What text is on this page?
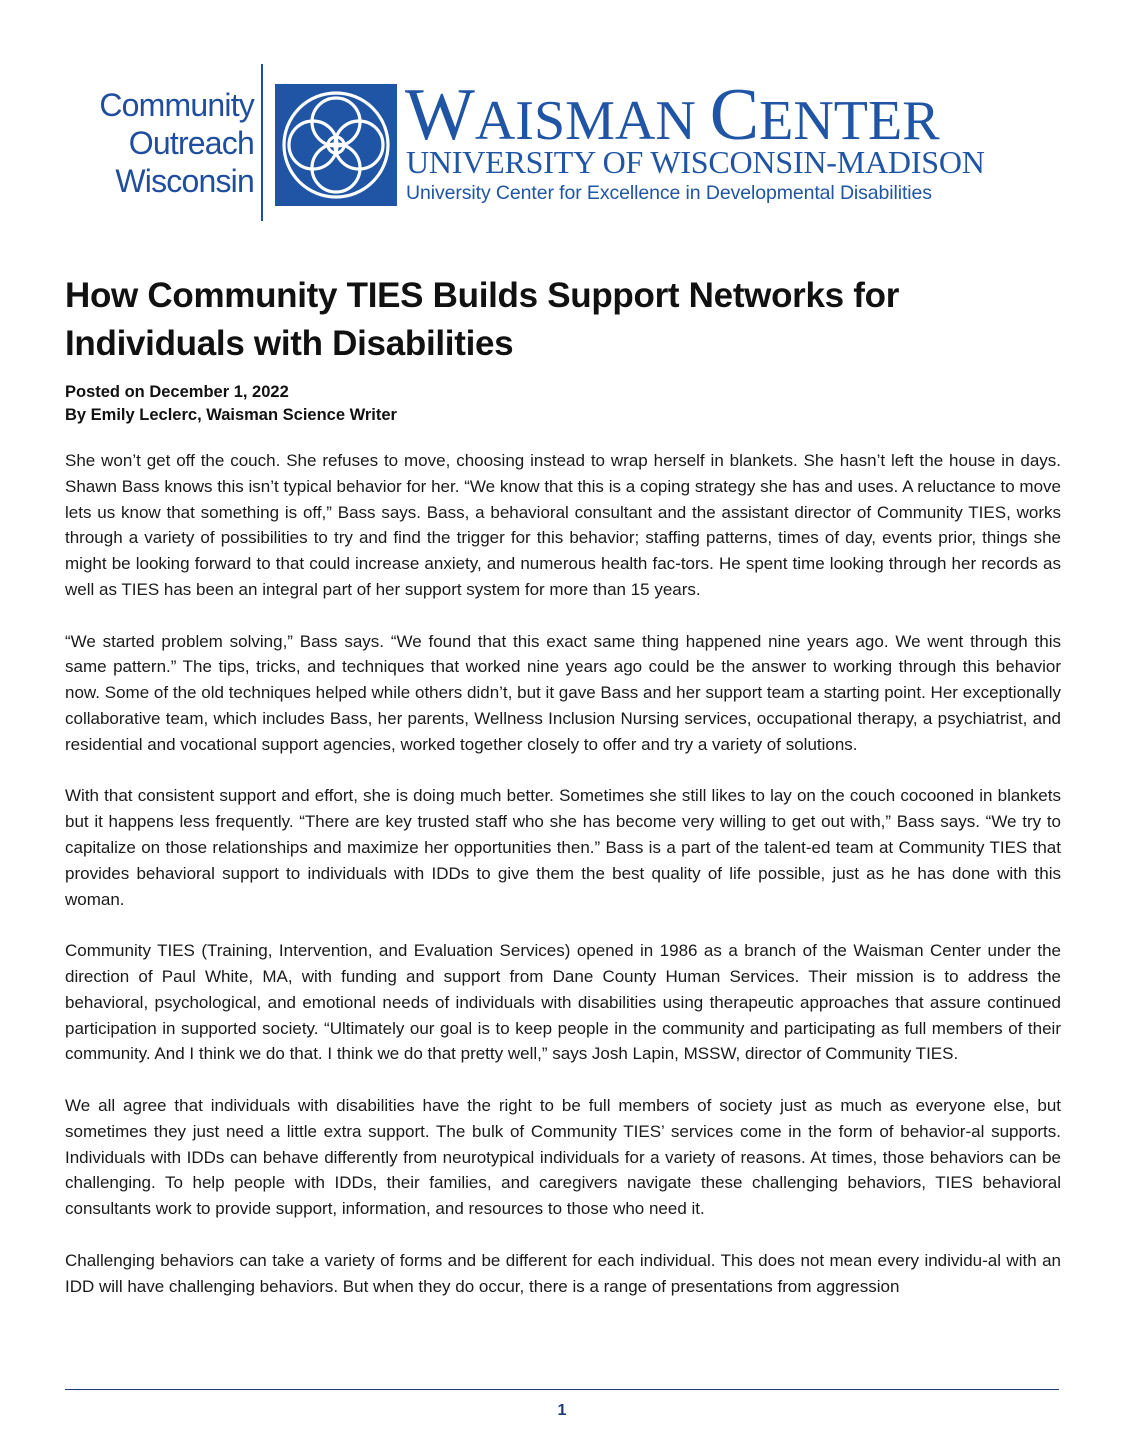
Community
Outreach
Wisconsin
WAISMAN CENTER
UNIVERSITY OF WISCONSIN-MADISON
University Center for Excellence in Developmental Disabilities
How Community TIES Builds Support Networks for Individuals with Disabilities
Posted on December 1, 2022
By Emily Leclerc, Waisman Science Writer

She won’t get off the couch. She refuses to move, choosing instead to wrap herself in blankets. She hasn’t left the house in days. Shawn Bass knows this isn’t typical behavior for her. “We know that this is a coping strategy she has and uses. A reluctance to move lets us know that something is off,” Bass says. Bass, a behavioral consultant and the assistant director of Community TIES, works through a variety of possibilities to try and find the trigger for this behavior; staffing patterns, times of day, events prior, things she might be looking forward to that could increase anxiety, and numerous health fac-tors. He spent time looking through her records as well as TIES has been an integral part of her support system for more than 15 years.

“We started problem solving,” Bass says. “We found that this exact same thing happened nine years ago. We went through this same pattern.” The tips, tricks, and techniques that worked nine years ago could be the answer to working through this behavior now. Some of the old techniques helped while others didn’t, but it gave Bass and her support team a starting point. Her exceptionally collaborative team, which includes Bass, her parents, Wellness Inclusion Nursing services, occupational therapy, a psychiatrist, and residential and vocational support agencies, worked together closely to offer and try a variety of solutions.

With that consistent support and effort, she is doing much better. Sometimes she still likes to lay on the couch cocooned in blankets but it happens less frequently. “There are key trusted staff who she has become very willing to get out with,” Bass says. “We try to capitalize on those relationships and maximize her opportunities then.” Bass is a part of the talent-ed team at Community TIES that provides behavioral support to individuals with IDDs to give them the best quality of life possible, just as he has done with this woman.

Community TIES (Training, Intervention, and Evaluation Services) opened in 1986 as a branch of the Waisman Center under the direction of Paul White, MA, with funding and support from Dane County Human Services. Their mission is to address the behavioral, psychological, and emotional needs of individuals with disabilities using therapeutic approaches that assure continued participation in supported society. “Ultimately our goal is to keep people in the community and participating as full members of their community. And I think we do that. I think we do that pretty well,” says Josh Lapin, MSSW, director of Community TIES.

We all agree that individuals with disabilities have the right to be full members of society just as much as everyone else, but sometimes they just need a little extra support. The bulk of Community TIES’ services come in the form of behavior-al supports. Individuals with IDDs can behave differently from neurotypical individuals for a variety of reasons. At times, those behaviors can be challenging. To help people with IDDs, their families, and caregivers navigate these challenging behaviors, TIES behavioral consultants work to provide support, information, and resources to those who need it.

Challenging behaviors can take a variety of forms and be different for each individual. This does not mean every individu-al with an IDD will have challenging behaviors. But when they do occur, there is a range of presentations from aggression

1
